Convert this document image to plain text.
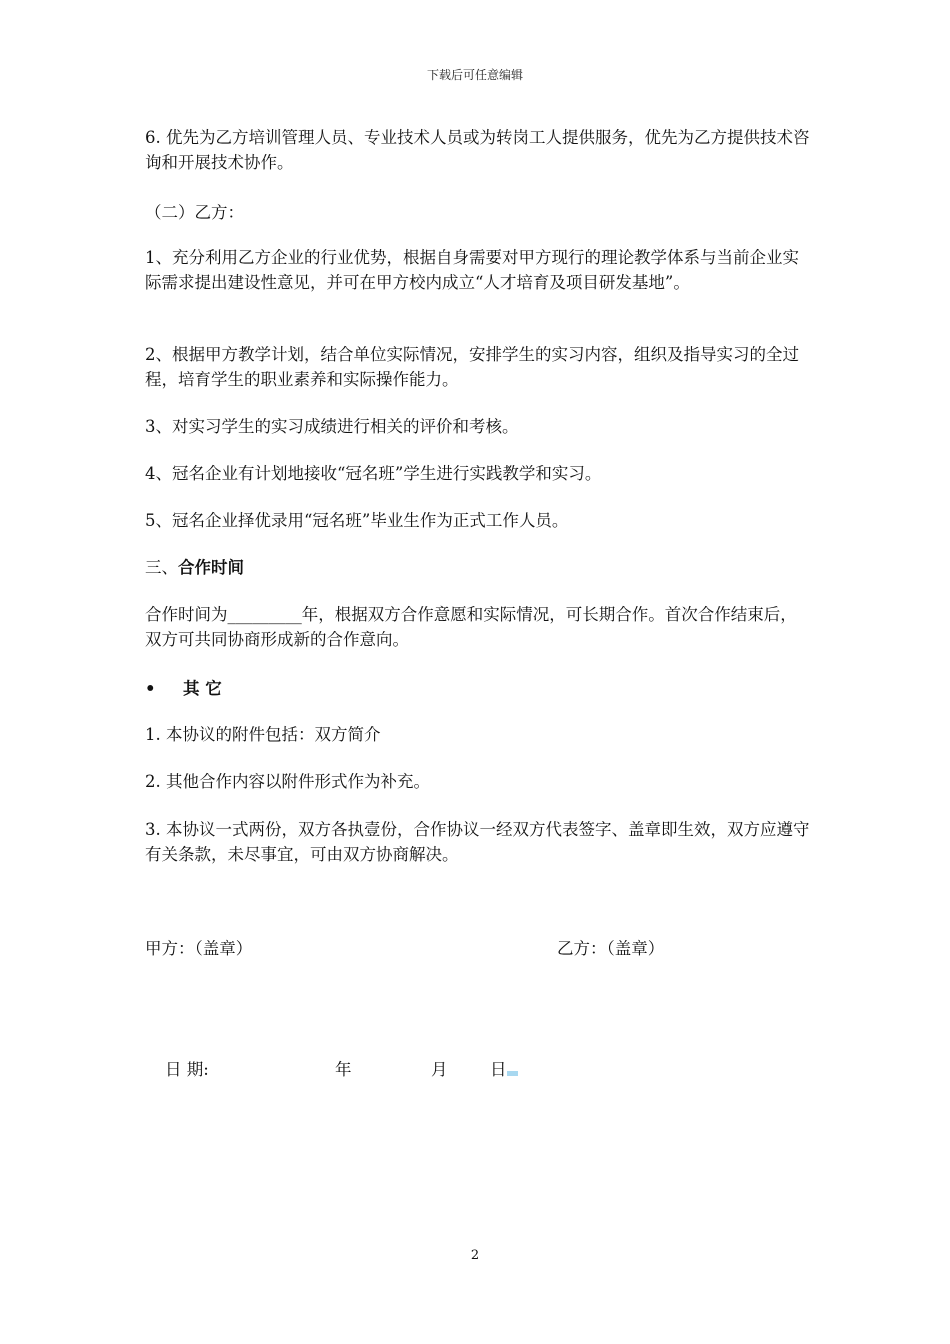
下载后可任意编辑

6. 优先为乙方培训管理人员、专业技术人员或为转岗工人提供服务，优先为乙方提供技术咨询和开展技术协作。

（二）乙方：

1、充分利用乙方企业的行业优势，根据自身需要对甲方现行的理论教学体系与当前企业实际需求提出建设性意见，并可在甲方校内成立“人才培育及项目研发基地”。

2、根据甲方教学计划，结合单位实际情况，安排学生的实习内容，组织及指导实习的全过程，培育学生的职业素养和实际操作能力。

3、对实习学生的实习成绩进行相关的评价和考核。

4、冠名企业有计划地接收“冠名班”学生进行实践教学和实习。

5、冠名企业择优录用“冠名班”毕业生作为正式工作人员。

三、合作时间

合作时间为_________年，根据双方合作意愿和实际情况，可长期合作。首次合作结束后，双方可共同协商形成新的合作意向。

• 其 它

1. 本协议的附件包括：双方简介

2. 其他合作内容以附件形式作为补充。

3. 本协议一式两份，双方各执壹份，合作协议一经双方代表签字、盖章即生效，双方应遵守有关条款，未尽事宜，可由双方协商解决。

甲方：（盖章）	乙方：（盖章）
日 期:	年	月	日
2
